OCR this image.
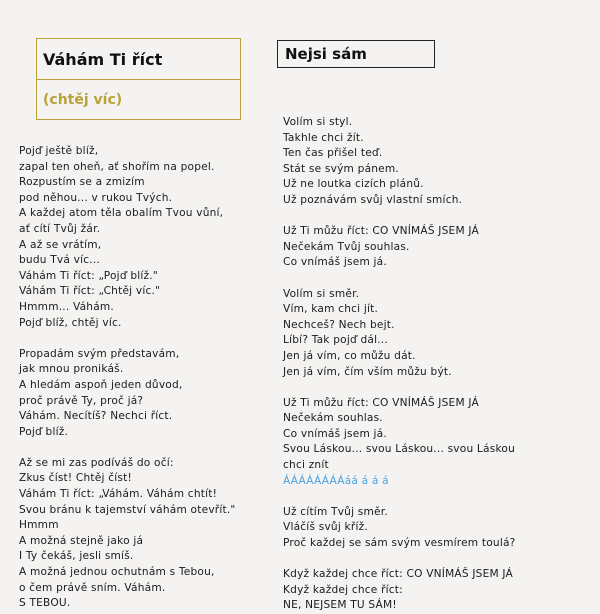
Váhám Ti říct
(chtěj víc)
Nejsi sám
Pojď ještě blíž,
zapal ten oheň, ať shořím na popel.
Rozpustím se a zmizím
pod něhou... v rukou Tvých.
A každej atom těla obalím Tvou vůní,
ať cítí Tvůj žár.
A až se vrátím,
budu Tvá víc...
Váhám Ti říct: „Pojď blíž."
Váhám Ti říct: „Chtěj víc."
Hmmm... Váhám.
Pojď blíž, chtěj víc.
Propadám svým představám,
jak mnou pronikáš.
A hledám aspoň jeden důvod,
proč právě Ty, proč já?
Váhám. Necítíš? Nechci říct.
Pojď blíž.
Až se mi zas podíváš do očí:
Zkus číst! Chtěj číst!
Váhám Ti říct: „Váhám. Váhám chtít!
Svou bránu k tajemství váhám otevřít."
Hmmm
A možná stejně jako já
I Ty čekáš, jesli smíš.
A možná jednou ochutnám s Tebou,
o čem právě sním. Váhám.
S TEBOU.
Volím si styl.
Takhle chci žít.
Ten čas přišel teď.
Stát se svým pánem.
Už ne loutka cizích plánů.
Už poznávám svůj vlastní smích.
Už Ti můžu říct: CO VNÍMÁŠ JSEM JÁ
Nečekám Tvůj souhlas.
Co vnímáš jsem já.
Volím si směr.
Vím, kam chci jít.
Nechceš? Nech bejt.
Líbí? Tak pojď dál...
Jen já vím, co můžu dát.
Jen já vím, čím vším můžu být.
Už Ti můžu říct: CO VNÍMÁŠ JSEM JÁ
Nečekám souhlas.
Co vnímáš jsem já.
Svou Láskou... svou Láskou... svou Láskou
chci znít
ÁÁÁÁÁÁÁÁáá á á á
Už cítím Tvůj směr.
Vláčíš svůj kříž.
Proč každej se sám svým vesmírem toulá?
Když každej chce říct: CO VNÍMÁŠ JSEM JÁ
Když každej chce říct:
NE, NEJSEM TU SÁM!
